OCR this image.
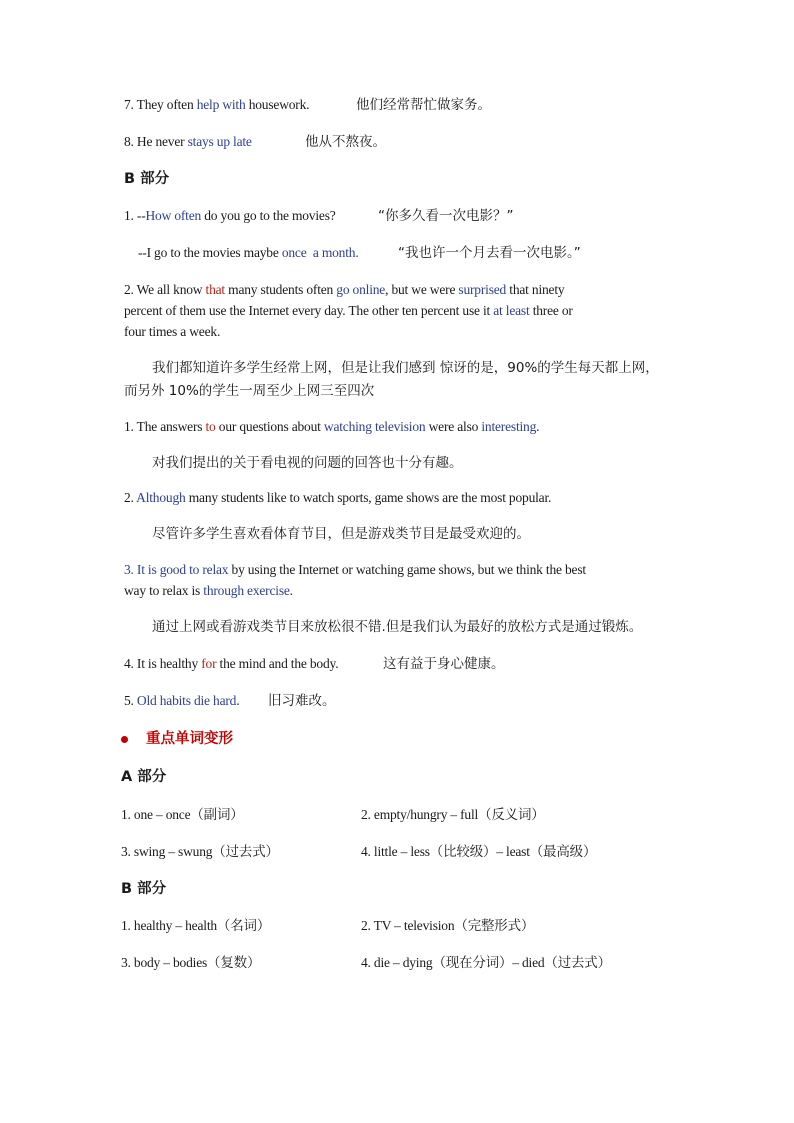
7. They often help with housework.	他们经常帮忙做家务。
8. He never stays up late	他从不熬夜。
B 部分
1. --How often do you go to the movies?	“你多久看一次电影？”
--I go to the movies maybe once a month.	“我也许一个月去看一次电影。”
2. We all know that many students often go online, but we were surprised that ninety
percent of them use the Internet every day. The other ten percent use it at least three or
four times a week.
我们都知道许多学生经常上网，但是让我们感到 惊讶的是，90%的学生每天都上网，
而另外 10%的学生一周至少上网三至四次
1. The answers to our questions about watching television were also interesting.
对我们提出的关于看电视的问题的回答也十分有趣。
2. Although many students like to watch sports, game shows are the most popular.
尽管许多学生喜欢看体育节目，但是游戏类节目是最受欢迎的。
3. It is good to relax by using the Internet or watching game shows, but we think the best
way to relax is through exercise.
通过上网或看游戏类节目来放松很不错.但是我们认为最好的放松方式是通过锻炼。
4. It is healthy for the mind and the body.	这有益于身心健康。
5. Old habits die hard. 旧习难改。
重点单词变形
A 部分
1. one – once（副词）	2. empty/hungry – full（反义词）
3. swing – swung（过去式）	4. little – less（比较级）– least（最高级）
B 部分
1. healthy – health（名词）	2. TV – television（完整形式）
3. body – bodies（复数）	4. die – dying（现在分词）– died（过去式）
